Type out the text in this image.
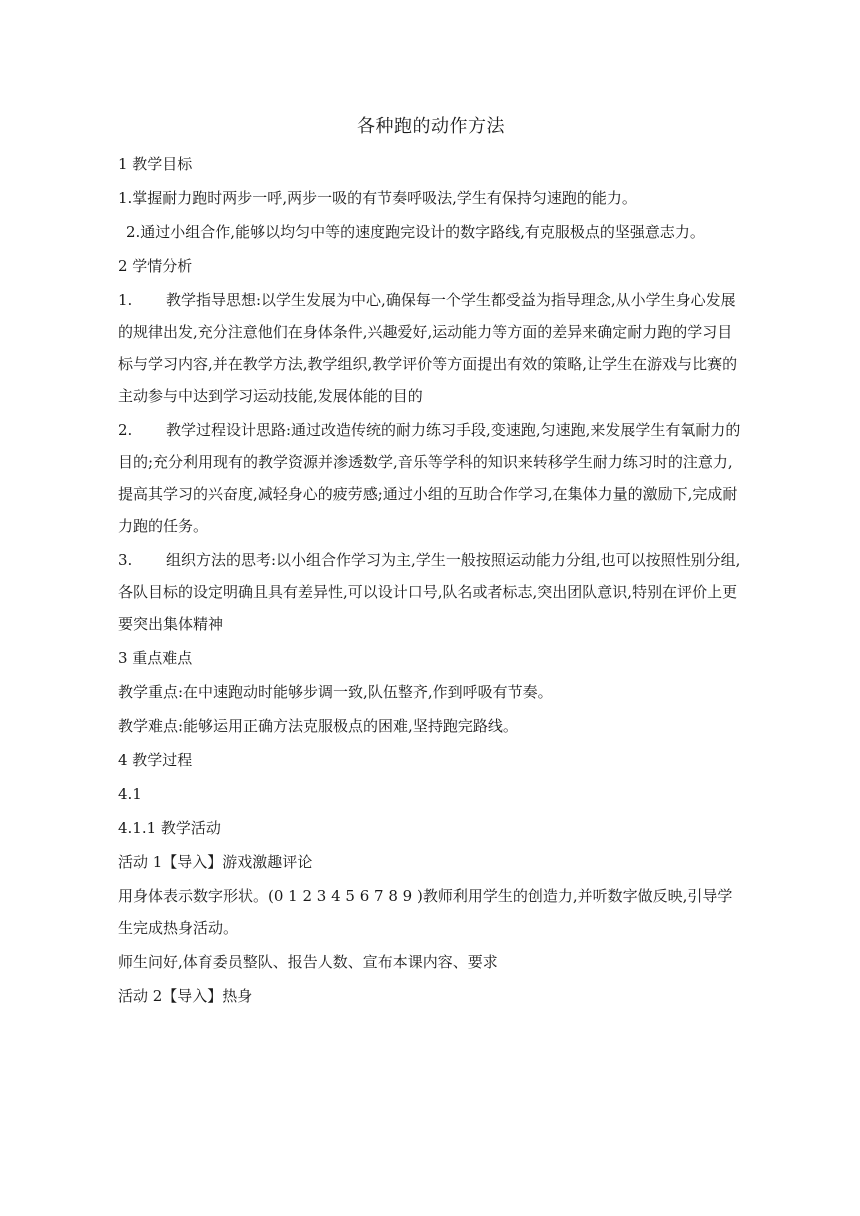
各种跑的动作方法
1 教学目标
1.掌握耐力跑时两步一呼,两步一吸的有节奏呼吸法,学生有保持匀速跑的能力。
2.通过小组合作,能够以均匀中等的速度跑完设计的数字路线,有克服极点的坚强意志力。
2 学情分析
1. 教学指导思想:以学生发展为中心,确保每一个学生都受益为指导理念,从小学生身心发展的规律出发,充分注意他们在身体条件,兴趣爱好,运动能力等方面的差异来确定耐力跑的学习目标与学习内容,并在教学方法,教学组织,教学评价等方面提出有效的策略,让学生在游戏与比赛的主动参与中达到学习运动技能,发展体能的目的
2. 教学过程设计思路:通过改造传统的耐力练习手段,变速跑,匀速跑,来发展学生有氧耐力的目的;充分利用现有的教学资源并渗透数学,音乐等学科的知识来转移学生耐力练习时的注意力,提高其学习的兴奋度,减轻身心的疲劳感;通过小组的互助合作学习,在集体力量的激励下,完成耐力跑的任务。
3. 组织方法的思考:以小组合作学习为主,学生一般按照运动能力分组,也可以按照性别分组,各队目标的设定明确且具有差异性,可以设计口号,队名或者标志,突出团队意识,特别在评价上更要突出集体精神
3 重点难点
教学重点:在中速跑动时能够步调一致,队伍整齐,作到呼吸有节奏。
教学难点:能够运用正确方法克服极点的困难,坚持跑完路线。
4 教学过程
4.1
4.1.1 教学活动
活动 1【导入】游戏激趣评论
用身体表示数字形状。(0 1 2 3 4 5 6 7 8 9 )教师利用学生的创造力,并听数字做反映,引导学生完成热身活动。
师生问好,体育委员整队、报告人数、宣布本课内容、要求
活动 2【导入】热身
